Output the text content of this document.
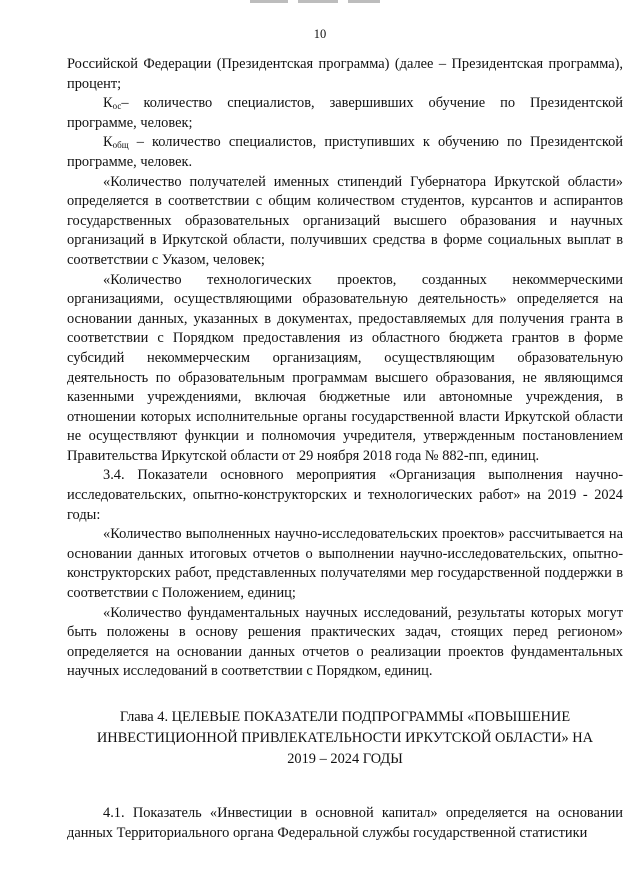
10

Российской Федерации (Президентская программа) (далее – Президентская программа), процент;

$К_{ос}-$ количество специалистов, завершивших обучение по Президентской программе, человек;

$К_{общ}$ – количество специалистов, приступивших к обучению по Президентской программе, человек.

«Количество получателей именных стипендий Губернатора Иркутской области» определяется в соответствии с общим количеством студентов, курсантов и аспирантов государственных образовательных организаций высшего образования и научных организаций в Иркутской области, получивших средства в форме социальных выплат в соответствии с Указом, человек;

«Количество технологических проектов, созданных некоммерческими организациями, осуществляющими образовательную деятельность» определяется на основании данных, указанных в документах, предоставляемых для получения гранта в соответствии с Порядком предоставления из областного бюджета грантов в форме субсидий некоммерческим организациям, осуществляющим образовательную деятельность по образовательным программам высшего образования, не являющимся казенными учреждениями, включая бюджетные или автономные учреждения, в отношении которых исполнительные органы государственной власти Иркутской области не осуществляют функции и полномочия учредителя, утвержденным постановлением Правительства Иркутской области от 29 ноября 2018 года № 882-пп, единиц.

3.4. Показатели основного мероприятия «Организация выполнения научно-исследовательских, опытно-конструкторских и технологических работ» на 2019 - 2024 годы:

«Количество выполненных научно-исследовательских проектов» рассчитывается на основании данных итоговых отчетов о выполнении научно-исследовательских, опытно-конструкторских работ, представленных получателями мер государственной поддержки в соответствии с Положением, единиц;

«Количество фундаментальных научных исследований, результаты которых могут быть положены в основу решения практических задач, стоящих перед регионом» определяется на основании данных отчетов о реализации проектов фундаментальных научных исследований в соответствии с Порядком, единиц.

Глава 4. ЦЕЛЕВЫЕ ПОКАЗАТЕЛИ ПОДПРОГРАММЫ «ПОВЫШЕНИЕ
ИНВЕСТИЦИОННОЙ ПРИВЛЕКАТЕЛЬНОСТИ ИРКУТСКОЙ ОБЛАСТИ» НА
2019 – 2024 ГОДЫ

4.1. Показатель «Инвестиции в основной капитал» определяется на основании данных Территориального органа Федеральной службы государственной статистики
